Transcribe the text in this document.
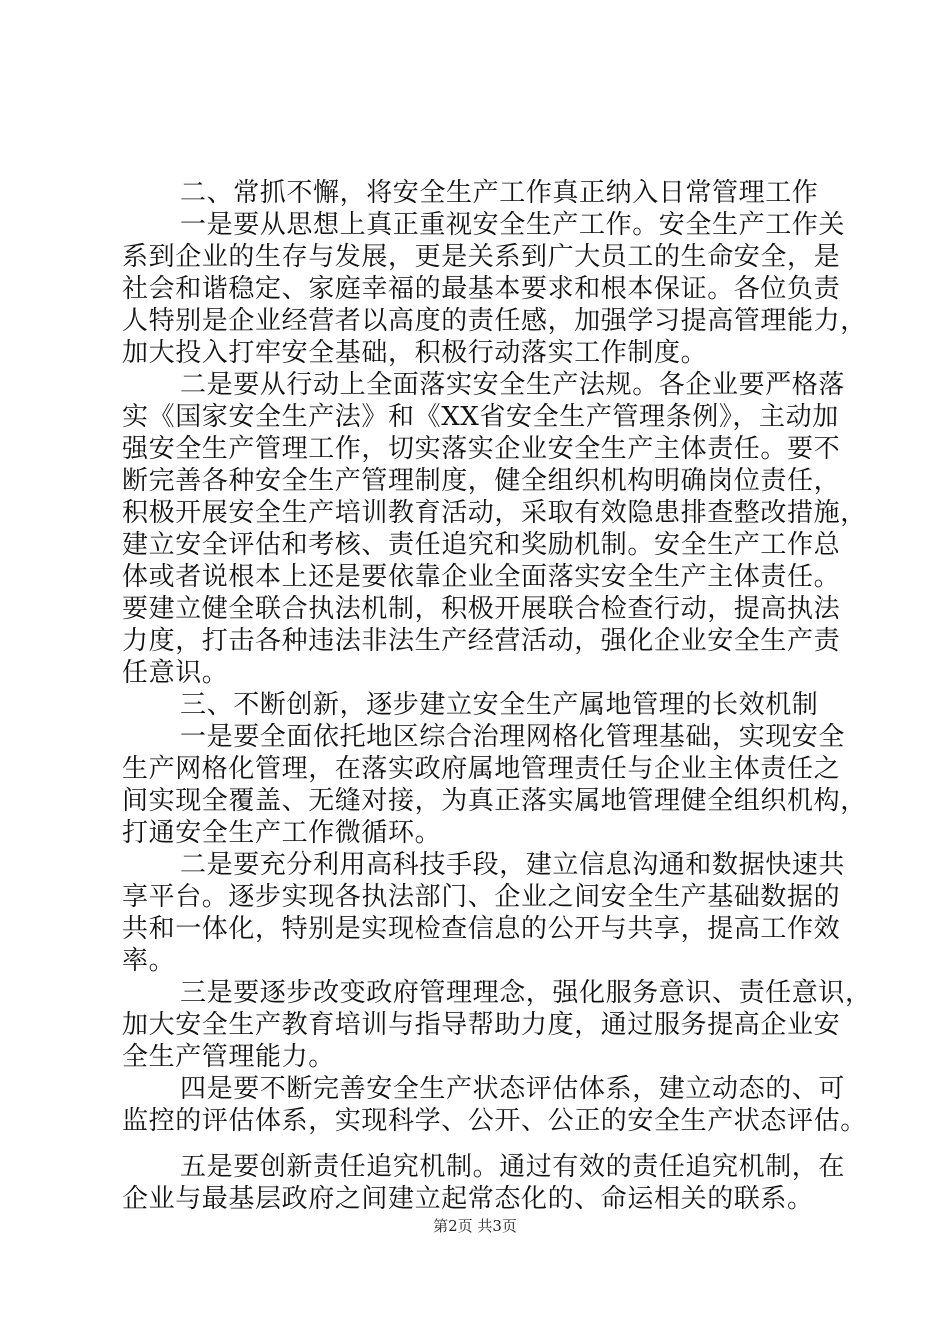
二、常抓不懈，将安全生产工作真正纳入日常管理工作
一是要从思想上真正重视安全生产工作。安全生产工作关
系到企业的生存与发展，更是关系到广大员工的生命安全，是
社会和谐稳定、家庭幸福的最基本要求和根本保证。各位负责
人特别是企业经营者以高度的责任感，加强学习提高管理能力，
加大投入打牢安全基础，积极行动落实工作制度。
二是要从行动上全面落实安全生产法规。各企业要严格落
实《国家安全生产法》和《XX省安全生产管理条例》，主动加
强安全生产管理工作，切实落实企业安全生产主体责任。要不
断完善各种安全生产管理制度，健全组织机构明确岗位责任，
积极开展安全生产培训教育活动，采取有效隐患排查整改措施，
建立安全评估和考核、责任追究和奖励机制。安全生产工作总
体或者说根本上还是要依靠企业全面落实安全生产主体责任。
要建立健全联合执法机制，积极开展联合检查行动，提高执法
力度，打击各种违法非法生产经营活动，强化企业安全生产责
任意识。
三、不断创新，逐步建立安全生产属地管理的长效机制
一是要全面依托地区综合治理网格化管理基础，实现安全
生产网格化管理，在落实政府属地管理责任与企业主体责任之
间实现全覆盖、无缝对接，为真正落实属地管理健全组织机构，
打通安全生产工作微循环。
二是要充分利用高科技手段，建立信息沟通和数据快速共
享平台。逐步实现各执法部门、企业之间安全生产基础数据的
共和一体化，特别是实现检查信息的公开与共享，提高工作效
率。
三是要逐步改变政府管理理念，强化服务意识、责任意识，
加大安全生产教育培训与指导帮助力度，通过服务提高企业安
全生产管理能力。
四是要不断完善安全生产状态评估体系，建立动态的、可
监控的评估体系，实现科学、公开、公正的安全生产状态评估。
五是要创新责任追究机制。通过有效的责任追究机制，在
企业与最基层政府之间建立起常态化的、命运相关的联系。
第2页 共3页
